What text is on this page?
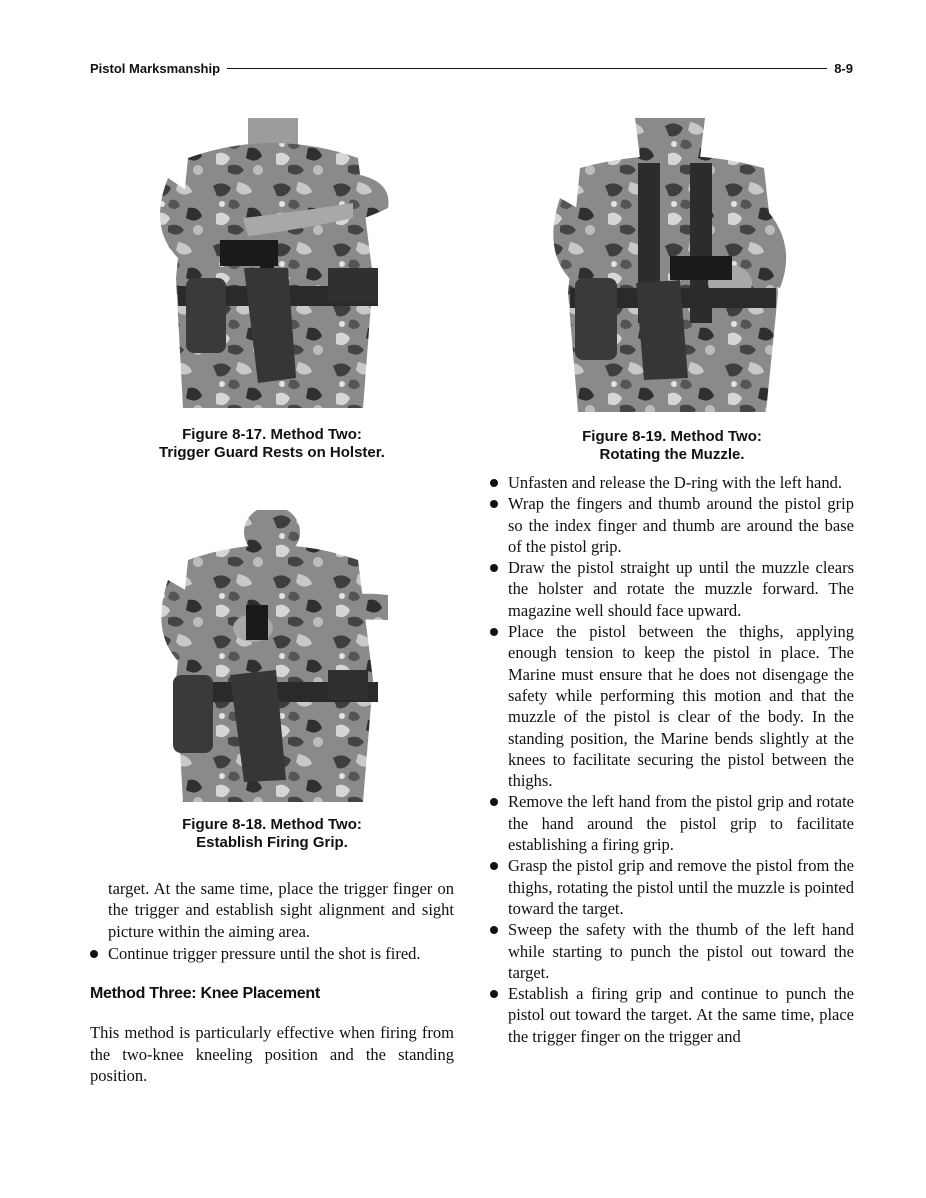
Pistol Marksmanship	8-9
Figure 8-17. Method Two:
Trigger Guard Rests on Holster.
Figure 8-18. Method Two:
Establish Firing Grip.
Figure 8-19. Method Two:
Rotating the Muzzle.

target. At the same time, place the trigger finger on the trigger and establish sight alignment and sight picture within the aiming area.

Continue trigger pressure until the shot is fired.
Method Three: Knee Placement

This method is particularly effective when firing from the two-knee kneeling position and the standing position.

Unfasten and release the D-ring with the left hand.
Wrap the fingers and thumb around the pistol grip so the index finger and thumb are around the base of the pistol grip.
Draw the pistol straight up until the muzzle clears the holster and rotate the muzzle forward. The magazine well should face upward.
Place the pistol between the thighs, applying enough tension to keep the pistol in place. The Marine must ensure that he does not disengage the safety while performing this motion and that the muzzle of the pistol is clear of the body. In the standing position, the Marine bends slightly at the knees to facilitate securing the pistol between the thighs.
Remove the left hand from the pistol grip and rotate the hand around the pistol grip to facilitate establishing a firing grip.
Grasp the pistol grip and remove the pistol from the thighs, rotating the pistol until the muzzle is pointed toward the target.
Sweep the safety with the thumb of the left hand while starting to punch the pistol out toward the target.
Establish a firing grip and continue to punch the pistol out toward the target. At the same time, place the trigger finger on the trigger and
